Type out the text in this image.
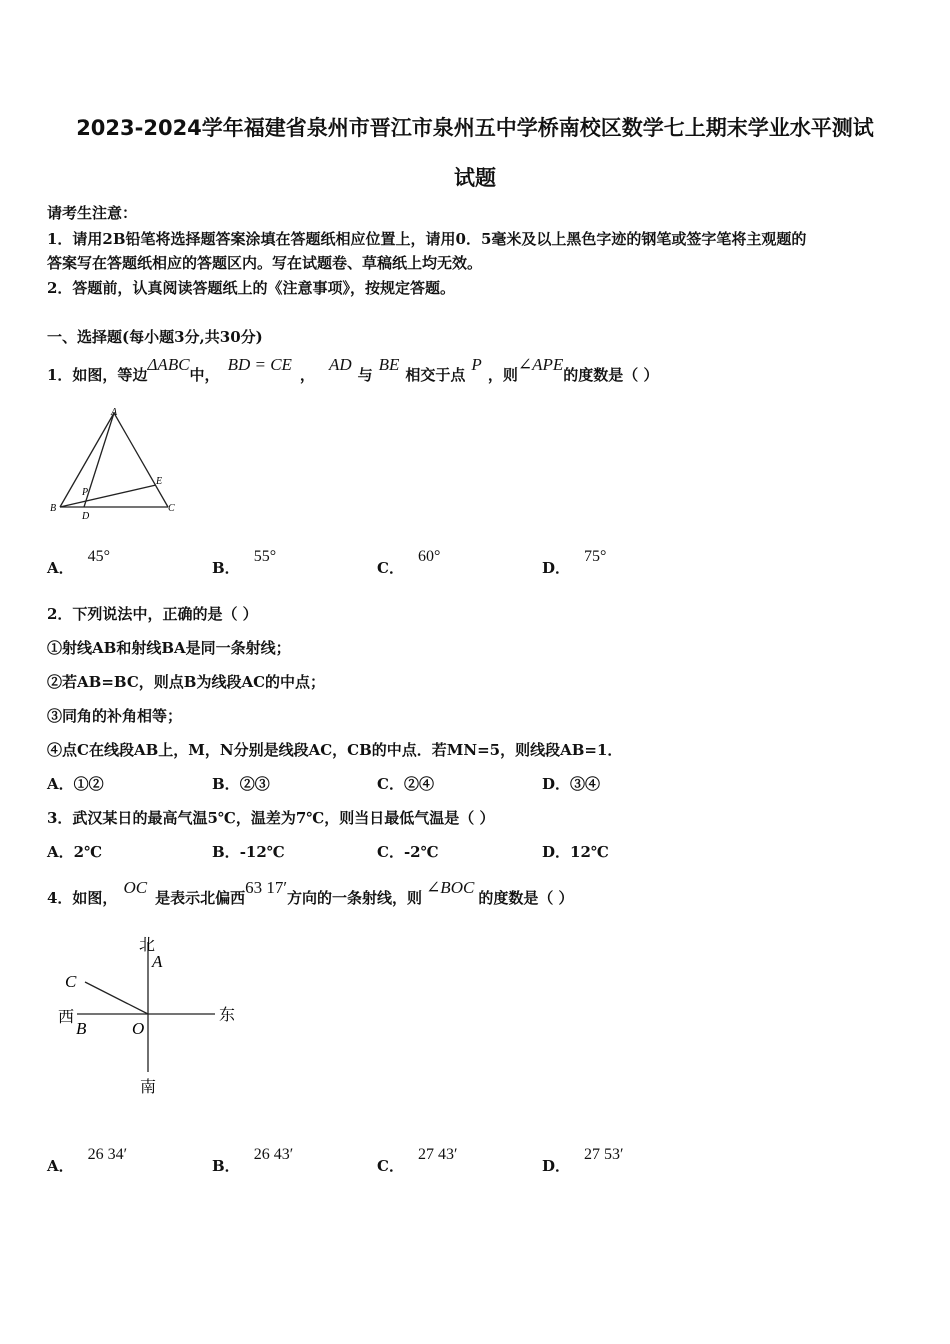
2023-2024学年福建省泉州市晋江市泉州五中学桥南校区数学七上期末学业水平测试
试题
请考生注意：
1．请用2B铅笔将选择题答案涂填在答题纸相应位置上，请用0．5毫米及以上黑色字迹的钢笔或签字笔将主观题的
答案写在答题纸相应的答题区内。写在试题卷、草稿纸上均无效。
2．答题前，认真阅读答题纸上的《注意事项》，按规定答题。
一、选择题(每小题3分,共30分)
1．如图，等边ΔABC中，BD = CE，AD与BE相交于点P，则∠APE的度数是（ ）
A
B	C
D
E
P
A．45°
B．55°
C．60°
D．75°
2．下列说法中，正确的是（ ）
①射线AB和射线BA是同一条射线；
②若AB=BC，则点B为线段AC的中点；
③同角的补角相等；
④点C在线段AB上，M，N分别是线段AC，CB的中点．若MN=5，则线段AB=1．
A．①②	B．②③	C．②④	D．③④
3．武汉某日的最高气温5℃，温差为7℃，则当日最低气温是（ ）
A．2℃	B．-12℃	C．-2℃	D．12℃
4．如图，OC是表示北偏西63 17′方向的一条射线，则∠BOC的度数是（ ）
北
A
C
西
B	O
东
南
A．26 34′
B．26 43′
C．27 43′
D．27 53′
